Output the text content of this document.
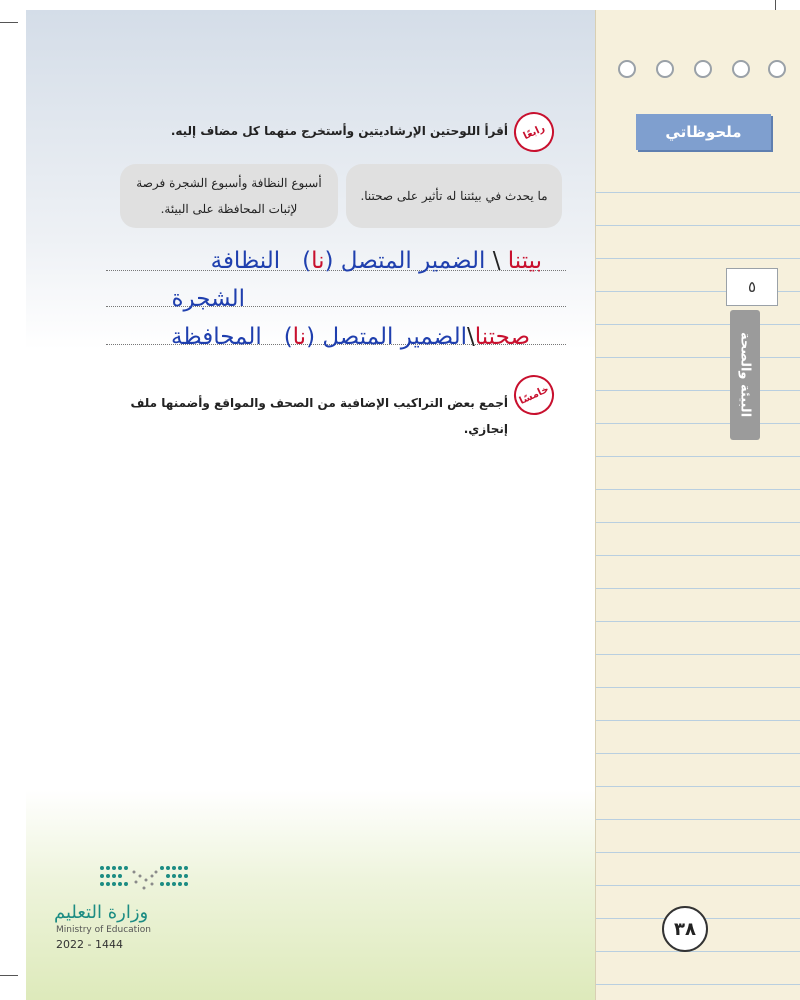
ملحوظاتي
٥
البيئة والصحة
٣٨
رابعًا
أقرأ اللوحتين الإرشاديتين وأستخرج منهما كل مضاف إليه.
ما يحدث في بيئتنا له تأثير على صحتنا.
أسبوع النظافة وأسبوع الشجرة فرصة لإثبات المحافظة على البيئة.
بيتنا \ الضمير المتصل (نا)   النظافة
الشجرة
صحتنا\الضمير المتصل (نا)   المحافظة
خامسًا
أجمع بعض التراكيب الإضافية من الصحف والمواقع وأضمنها ملف
إنجازي.
وزارة التعليم
Ministry of Education
2022 - 1444
